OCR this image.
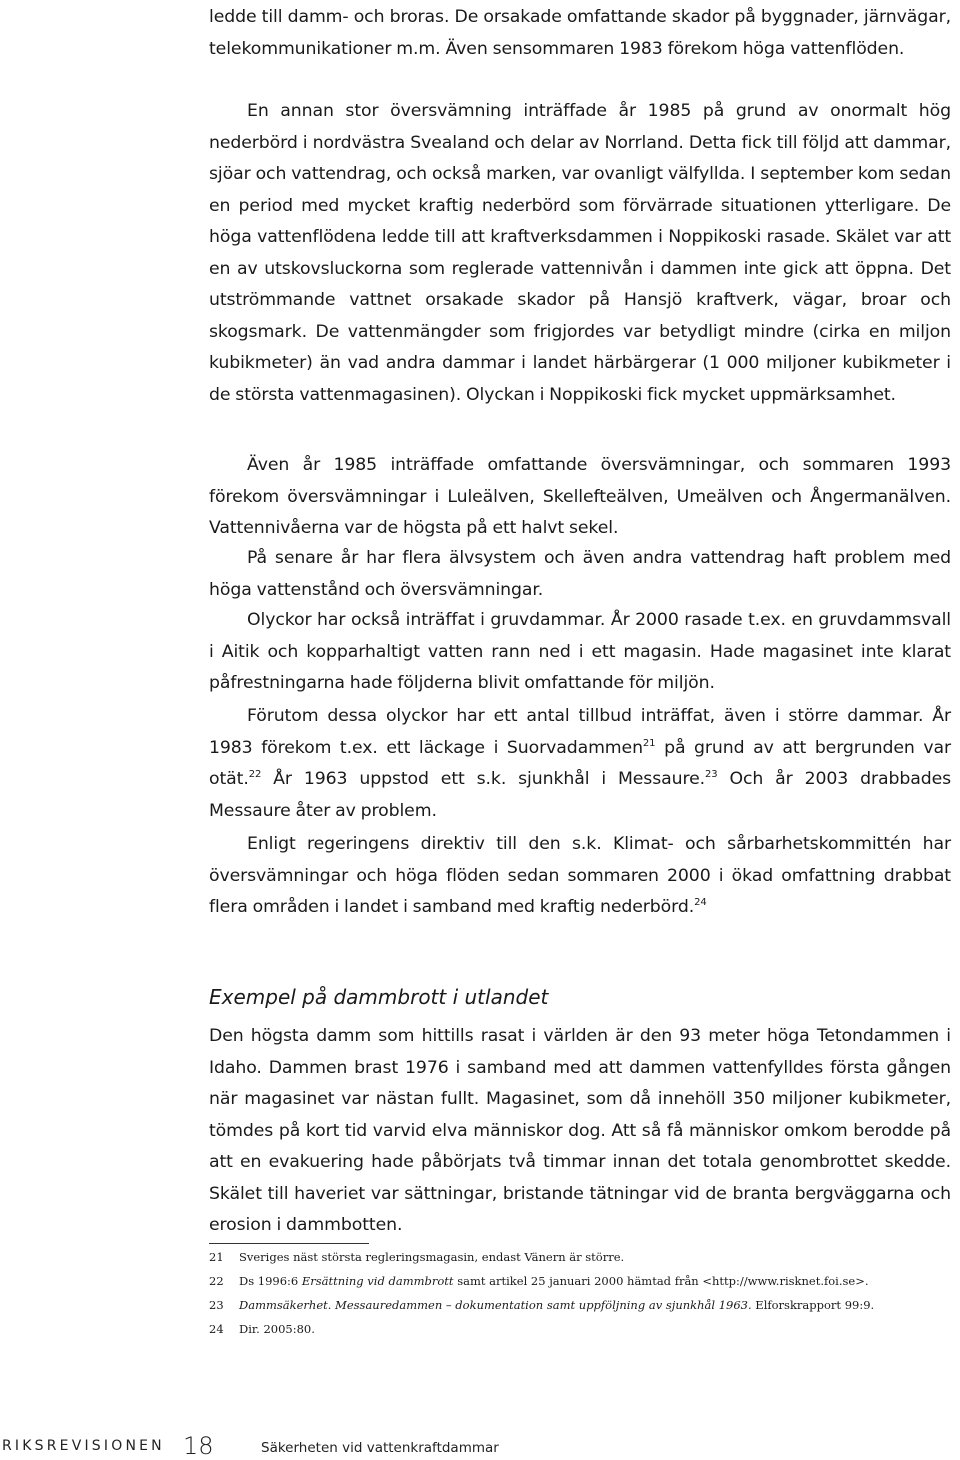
ledde till damm- och broras. De orsakade omfattande skador på byggnader, järnvägar, telekommunikationer m.m. Även sensommaren 1983 förekom höga vattenflöden.

En annan stor översvämning inträffade år 1985 på grund av onormalt hög nederbörd i nordvästra Svealand och delar av Norrland. Detta fick till följd att dammar, sjöar och vattendrag, och också marken, var ovanligt välfyllda. I september kom sedan en period med mycket kraftig nederbörd som förvärrade situationen ytterligare. De höga vattenflödena ledde till att kraftverksdammen i Noppikoski rasade. Skälet var att en av utskovsluckorna som reglerade vattennivån i dammen inte gick att öppna. Det utströmmande vattnet orsakade skador på Hansjö kraftverk, vägar, broar och skogsmark. De vattenmängder som frigjordes var betydligt mindre (cirka en miljon kubikmeter) än vad andra dammar i landet härbärgerar (1 000 miljoner kubikmeter i de största vattenmagasinen). Olyckan i Noppikoski fick mycket uppmärksamhet.

Även år 1985 inträffade omfattande översvämningar, och sommaren 1993 förekom översvämningar i Luleälven, Skellefteälven, Umeälven och Ångermanälven. Vattennivåerna var de högsta på ett halvt sekel.

På senare år har flera älvsystem och även andra vattendrag haft problem med höga vattenstånd och översvämningar.

Olyckor har också inträffat i gruvdammar. År 2000 rasade t.ex. en gruvdammsvall i Aitik och kopparhaltigt vatten rann ned i ett magasin. Hade magasinet inte klarat påfrestningarna hade följderna blivit omfattande för miljön.

Förutom dessa olyckor har ett antal tillbud inträffat, även i större dammar. År 1983 förekom t.ex. ett läckage i Suorvadammen$^{21}$ på grund av att bergrunden var otät.$^{22}$ År 1963 uppstod ett s.k. sjunkhål i Messaure.$^{23}$ Och år 2003 drabbades Messaure åter av problem.

Enligt regeringens direktiv till den s.k. Klimat- och sårbarhetskommittén har översvämningar och höga flöden sedan sommaren 2000 i ökad omfattning drabbat flera områden i landet i samband med kraftig nederbörd.$^{24}$

Exempel på dammbrott i utlandet

Den högsta damm som hittills rasat i världen är den 93 meter höga Tetondammen i Idaho. Dammen brast 1976 i samband med att dammen vattenfylldes första gången när magasinet var nästan fullt. Magasinet, som då innehöll 350 miljoner kubikmeter, tömdes på kort tid varvid elva människor dog. Att så få människor omkom berodde på att en evakuering hade påbörjats två timmar innan det totala genombrottet skedde. Skälet till haveriet var sättningar, bristande tätningar vid de branta bergväggarna och erosion i dammbotten.

21	Sveriges näst största regleringsmagasin, endast Vänern är större.
22	Ds 1996:6 Ersättning vid dammbrott samt artikel 25 januari 2000 hämtad från <http://www.risknet.foi.se>.
23	Dammsäkerhet. Messauredammen – dokumentation samt uppföljning av sjunkhål 1963. Elforskrapport 99:9.
24	Dir. 2005:80.
RIKSREVISIONEN 18	Säkerheten vid vattenkraftdammar
